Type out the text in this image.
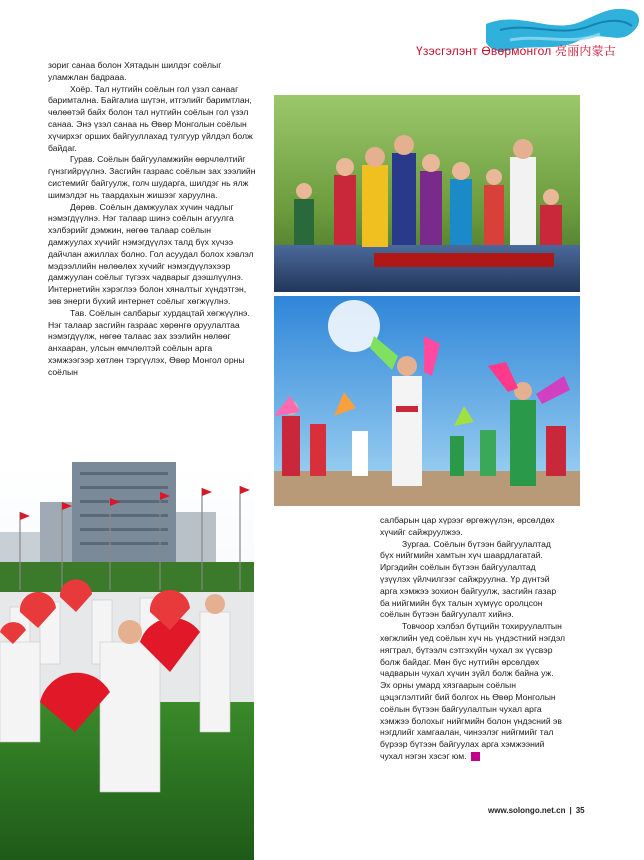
Үзэсгэлэнт Өвөрмонгол 亮丽内蒙古

зориг санаа болон Хятадын шилдэг соёлыг уламжлан бадрааа.

Хоёр. Тал нутгийн соёлын гол үзэл санааг баримтална. Байгалиа шүтэн, итгэлийг баримтлан, чөлөөтэй байх болон тал нутгийн соёлын гол үзэл санаа. Энэ үзэл санаа нь Өвөр Монголын соёлын хүчирхэг орших байгууллахад тулгуур үйлдэл болж байдаг.

Гурав. Соёлын байгууламжийн өөрчлөлтийг гүнзгийрүүлнэ. Засгийн газраас соёлын зах зээлийн системийг байгуулж, голч шударга, шилдэг нь ялж шимэлдэг нь таардахын жишээг харуулна.

Дөрөв. Соёлын дамжуулах хүчин чадлыг нэмэгдүүлнэ. Нэг талаар шинэ соёлын агуулга хэлбэрийг дэмжин, нөгөө талаар соёлын дамжуулах хүчийг нэмэгдүүлэх талд бүх хүчээ дайчлан ажиллах болно. Гол асуудал болох хэвлэл мэдээллийн нөлөөлөх хүчийг нэмэгдүүлэхээр дамжуулан соёлыг түгээх чадварыг дээшлүүлнэ. Интернетийн хэрэглээ болон хяналтыг хүндэтгэн, зөв энерги бүхий интернет соёлыг хөгжүүлнэ.

Тав. Соёлын салбарыг хурдацтай хөгжүүлнэ. Нэг талаар засгийн газраас хөрөнгө оруулалтаа нэмэгдүүлж, нөгөө талаас зах зээлийн нөлөөг анхааран, улсын өмчлөлтэй соёлын арга хэмжээгээр хөтлөн тэргүүлэх, Өвөр Монгол орны соёлын

салбарын цар хүрээг өргөжүүлэн, өрсөлдөх хүчийг сайжруулжээ.

Зургаа. Соёлын бүтээн байгуулалтад бүх нийгмийн хамтын хүч шаардлагатай. Иргэдийн соёлын бүтээн байгуулалтад үзүүлэх үйлчилгээг сайжруулна. Үр дүнтэй арга хэмжээ зохион байгуулж, засгийн газар ба нийгмийн бүх талын хүмүүс оролцсон соёлын бүтээн байгуулалт хийнэ.

Товчоор хэлбэл бүтцийн тохируулалтын хөгжлийн үед соёлын хүч нь үндэстний нэгдэл нягтрал, бүтээлч сэтгэхүйн чухал эх үүсвэр болж байдаг. Мөн бүс нутгийн өрсөлдөх чадварын чухал хүчин зүйл болж байна уж. Эх орны умард хязгаарын соёлын цэцэглэлтийг бий болгох нь Өвөр Монголын соёлын бүтээн байгуулалтын чухал арга хэмжээ болохыг нийгмийн болон үндэсний эв нэгдлийг хамгаалан, чинээлэг нийгмийг тал бүрээр бүтээн байгуулах арга хэмжээний чухал нэгэн хэсэг юм.

www.solongo.net.cn | 35
